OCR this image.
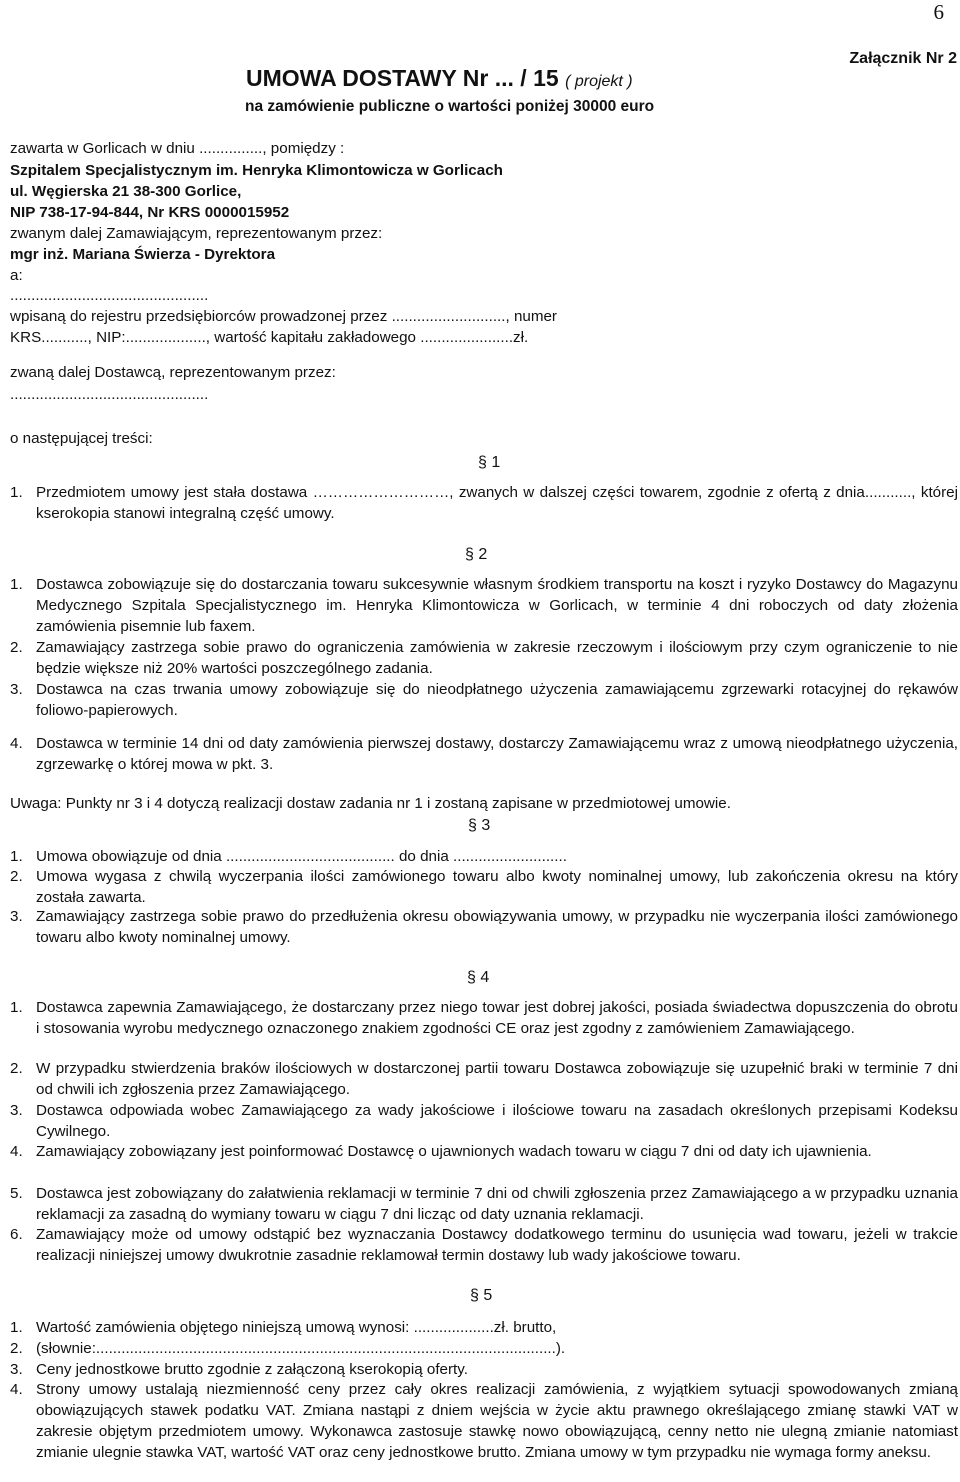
6
Załącznik Nr 2
UMOWA DOSTAWY Nr ... / 15 ( projekt )
na zamówienie publiczne o wartości poniżej 30000 euro
zawarta w Gorlicach w dniu ..............., pomiędzy :
Szpitalem Specjalistycznym im. Henryka Klimontowicza w Gorlicach
ul. Węgierska 21 38-300 Gorlice,
NIP 738-17-94-844, Nr KRS 0000015952
zwanym dalej Zamawiającym, reprezentowanym przez:
mgr inż. Mariana Świerza - Dyrektora
a:
...............................................
wpisaną do rejestru przedsiębiorców prowadzonej przez ..........................., numer
KRS..........., NIP:..................., wartość kapitału zakładowego ......................zł.
zwaną dalej Dostawcą, reprezentowanym przez:
...............................................
o następującej treści:
§ 1
1. Przedmiotem umowy jest stała dostawa ………………………, zwanych w dalszej części towarem, zgodnie z ofertą z dnia..........., której kserokopia stanowi integralną część umowy.
§ 2
1. Dostawca zobowiązuje się do dostarczania towaru sukcesywnie własnym środkiem transportu na koszt i ryzyko Dostawcy do Magazynu Medycznego Szpitala Specjalistycznego im. Henryka Klimontowicza w Gorlicach, w terminie 4 dni roboczych od daty złożenia zamówienia pisemnie lub faxem.
2. Zamawiający zastrzega sobie prawo do ograniczenia zamówienia w zakresie rzeczowym i ilościowym przy czym ograniczenie to nie będzie większe niż 20% wartości poszczególnego zadania.
3. Dostawca na czas trwania umowy zobowiązuje się do nieodpłatnego użyczenia zamawiającemu zgrzewarki rotacyjnej do rękawów foliowo-papierowych.
4. Dostawca w terminie 14 dni od daty zamówienia pierwszej dostawy, dostarczy Zamawiającemu wraz z umową nieodpłatnego użyczenia, zgrzewarkę o której mowa w pkt. 3.
Uwaga: Punkty nr 3 i 4 dotyczą realizacji dostaw zadania nr 1 i zostaną zapisane w przedmiotowej umowie.
§ 3
1. Umowa obowiązuje od dnia ........................................ do dnia ...........................
2. Umowa wygasa z chwilą wyczerpania ilości zamówionego towaru albo kwoty nominalnej umowy, lub zakończenia okresu na który została zawarta.
3. Zamawiający zastrzega sobie prawo do przedłużenia okresu obowiązywania umowy, w przypadku nie wyczerpania ilości zamówionego towaru albo kwoty nominalnej umowy.
§ 4
1. Dostawca zapewnia Zamawiającego, że dostarczany przez niego towar jest dobrej jakości, posiada świadectwa dopuszczenia do obrotu i stosowania wyrobu medycznego oznaczonego znakiem zgodności CE oraz jest zgodny z zamówieniem Zamawiającego.
2. W przypadku stwierdzenia braków ilościowych w dostarczonej partii towaru Dostawca zobowiązuje się uzupełnić braki w terminie 7 dni od chwili ich zgłoszenia przez Zamawiającego.
3. Dostawca odpowiada wobec Zamawiającego za wady jakościowe i ilościowe towaru na zasadach określonych przepisami Kodeksu Cywilnego.
4. Zamawiający zobowiązany jest poinformować Dostawcę o ujawnionych wadach towaru w ciągu 7 dni od daty ich ujawnienia.
5. Dostawca jest zobowiązany do załatwienia reklamacji w terminie 7 dni od chwili zgłoszenia przez Zamawiającego a w przypadku uznania reklamacji za zasadną do wymiany towaru w ciągu 7 dni licząc od daty uznania reklamacji.
6. Zamawiający może od umowy odstąpić bez wyznaczania Dostawcy dodatkowego terminu do usunięcia wad towaru, jeżeli w trakcie realizacji niniejszej umowy dwukrotnie zasadnie reklamował termin dostawy lub wady jakościowe towaru.
§ 5
1. Wartość zamówienia objętego niniejszą umową wynosi: ...................zł. brutto,
2. (słownie:.............................................................................................................).
3. Ceny jednostkowe brutto zgodnie z załączoną kserokopią oferty.
4. Strony umowy ustalają niezmienność ceny przez cały okres realizacji zamówienia, z wyjątkiem sytuacji spowodowanych zmianą obowiązujących stawek podatku VAT. Zmiana nastąpi z dniem wejścia w życie aktu prawnego określającego zmianę stawki VAT w zakresie objętym przedmiotem umowy. Wykonawca zastosuje stawkę nowo obowiązującą, cenny netto nie ulegną zmianie natomiast zmianie ulegnie stawka VAT, wartość VAT oraz ceny jednostkowe brutto. Zmiana umowy w tym przypadku nie wymaga formy aneksu.
